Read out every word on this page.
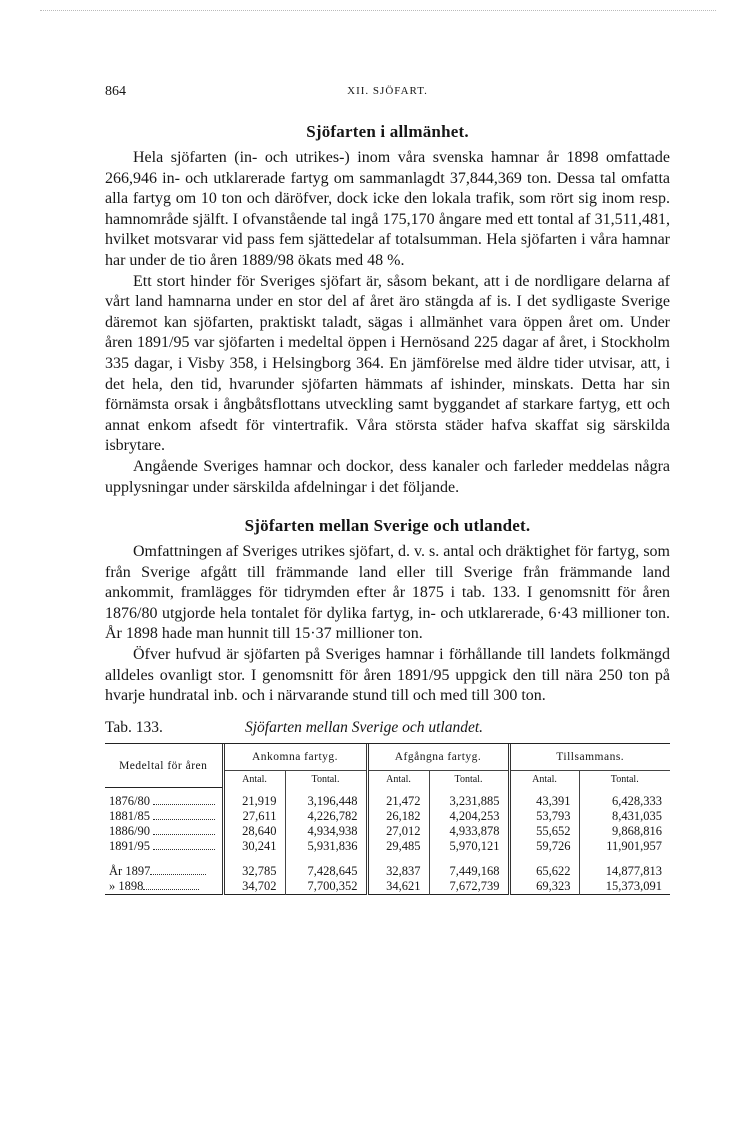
864	XII. SJÖFART.
Sjöfarten i allmänhet.

Hela sjöfarten (in- och utrikes-) inom våra svenska hamnar år 1898 omfattade 266,946 in- och utklarerade fartyg om sammanlagdt 37,844,369 ton. Dessa tal omfatta alla fartyg om 10 ton och däröfver, dock icke den lokala trafik, som rört sig inom resp. hamnområde själft. I ofvanstående tal ingå 175,170 ångare med ett tontal af 31,511,481, hvilket motsvarar vid pass fem sjättedelar af totalsumman. Hela sjöfarten i våra hamnar har under de tio åren 1889/98 ökats med 48 %.

Ett stort hinder för Sveriges sjöfart är, såsom bekant, att i de nordligare delarna af vårt land hamnarna under en stor del af året äro stängda af is. I det sydligaste Sverige däremot kan sjöfarten, praktiskt taladt, sägas i allmänhet vara öppen året om. Under åren 1891/95 var sjöfarten i medeltal öppen i Hernösand 225 dagar af året, i Stockholm 335 dagar, i Visby 358, i Helsingborg 364. En jämförelse med äldre tider utvisar, att, i det hela, den tid, hvarunder sjöfarten hämmats af ishinder, minskats. Detta har sin förnämsta orsak i ångbåtsflottans utveckling samt byggandet af starkare fartyg, ett och annat enkom afsedt för vintertrafik. Våra största städer hafva skaffat sig särskilda isbrytare.

Angående Sveriges hamnar och dockor, dess kanaler och farleder meddelas några upplysningar under särskilda afdelningar i det följande.

Sjöfarten mellan Sverige och utlandet.

Omfattningen af Sveriges utrikes sjöfart, d. v. s. antal och dräktighet för fartyg, som från Sverige afgått till främmande land eller till Sverige från främmande land ankommit, framlägges för tidrymden efter år 1875 i tab. 133. I genomsnitt för åren 1876/80 utgjorde hela tontalet för dylika fartyg, in- och utklarerade, 6·43 millioner ton. År 1898 hade man hunnit till 15·37 millioner ton.

Öfver hufvud är sjöfarten på Sveriges hamnar i förhållande till landets folkmängd alldeles ovanligt stor. I genomsnitt för åren 1891/95 uppgick den till nära 250 ton på hvarje hundratal inb. och i närvarande stund till och med till 300 ton.

Tab. 133.	Sjöfarten mellan Sverige och utlandet.
Medeltal för åren	Ankomna fartyg.		Afgångna fartyg.		Tillsammans.	
	Antal.	Tontal.	Antal.	Tontal.	Antal.	Tontal.
1876/80	21,919	3,196,448	21,472	3,231,885	43,391	6,428,333
1881/85	27,611	4,226,782	26,182	4,204,253	53,793	8,431,035
1886/90	28,640	4,934,938	27,012	4,933,878	55,652	9,868,816
1891/95	30,241	5,931,836	29,485	5,970,121	59,726	11,901,957

År 1897	32,785	7,428,645	32,837	7,449,168	65,622	14,877,813
» 1898	34,702	7,700,352	34,621	7,672,739	69,323	15,373,091
